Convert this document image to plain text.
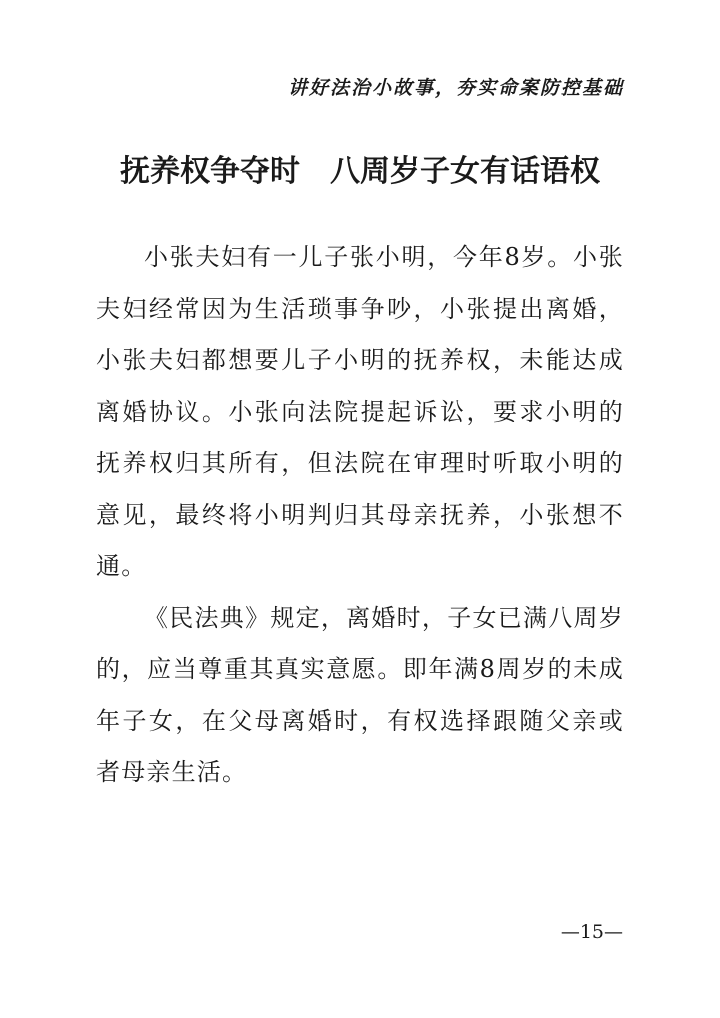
讲好法治小故事，夯实命案防控基础
抚养权争夺时　八周岁子女有话语权

小张夫妇有一儿子张小明，今年8岁。小张夫妇经常因为生活琐事争吵，小张提出离婚，小张夫妇都想要儿子小明的抚养权，未能达成离婚协议。小张向法院提起诉讼，要求小明的抚养权归其所有，但法院在审理时听取小明的意见，最终将小明判归其母亲抚养，小张想不通。

《民法典》规定，离婚时，子女已满八周岁的，应当尊重其真实意愿。即年满8周岁的未成年子女，在父母离婚时，有权选择跟随父亲或者母亲生活。

—15—
